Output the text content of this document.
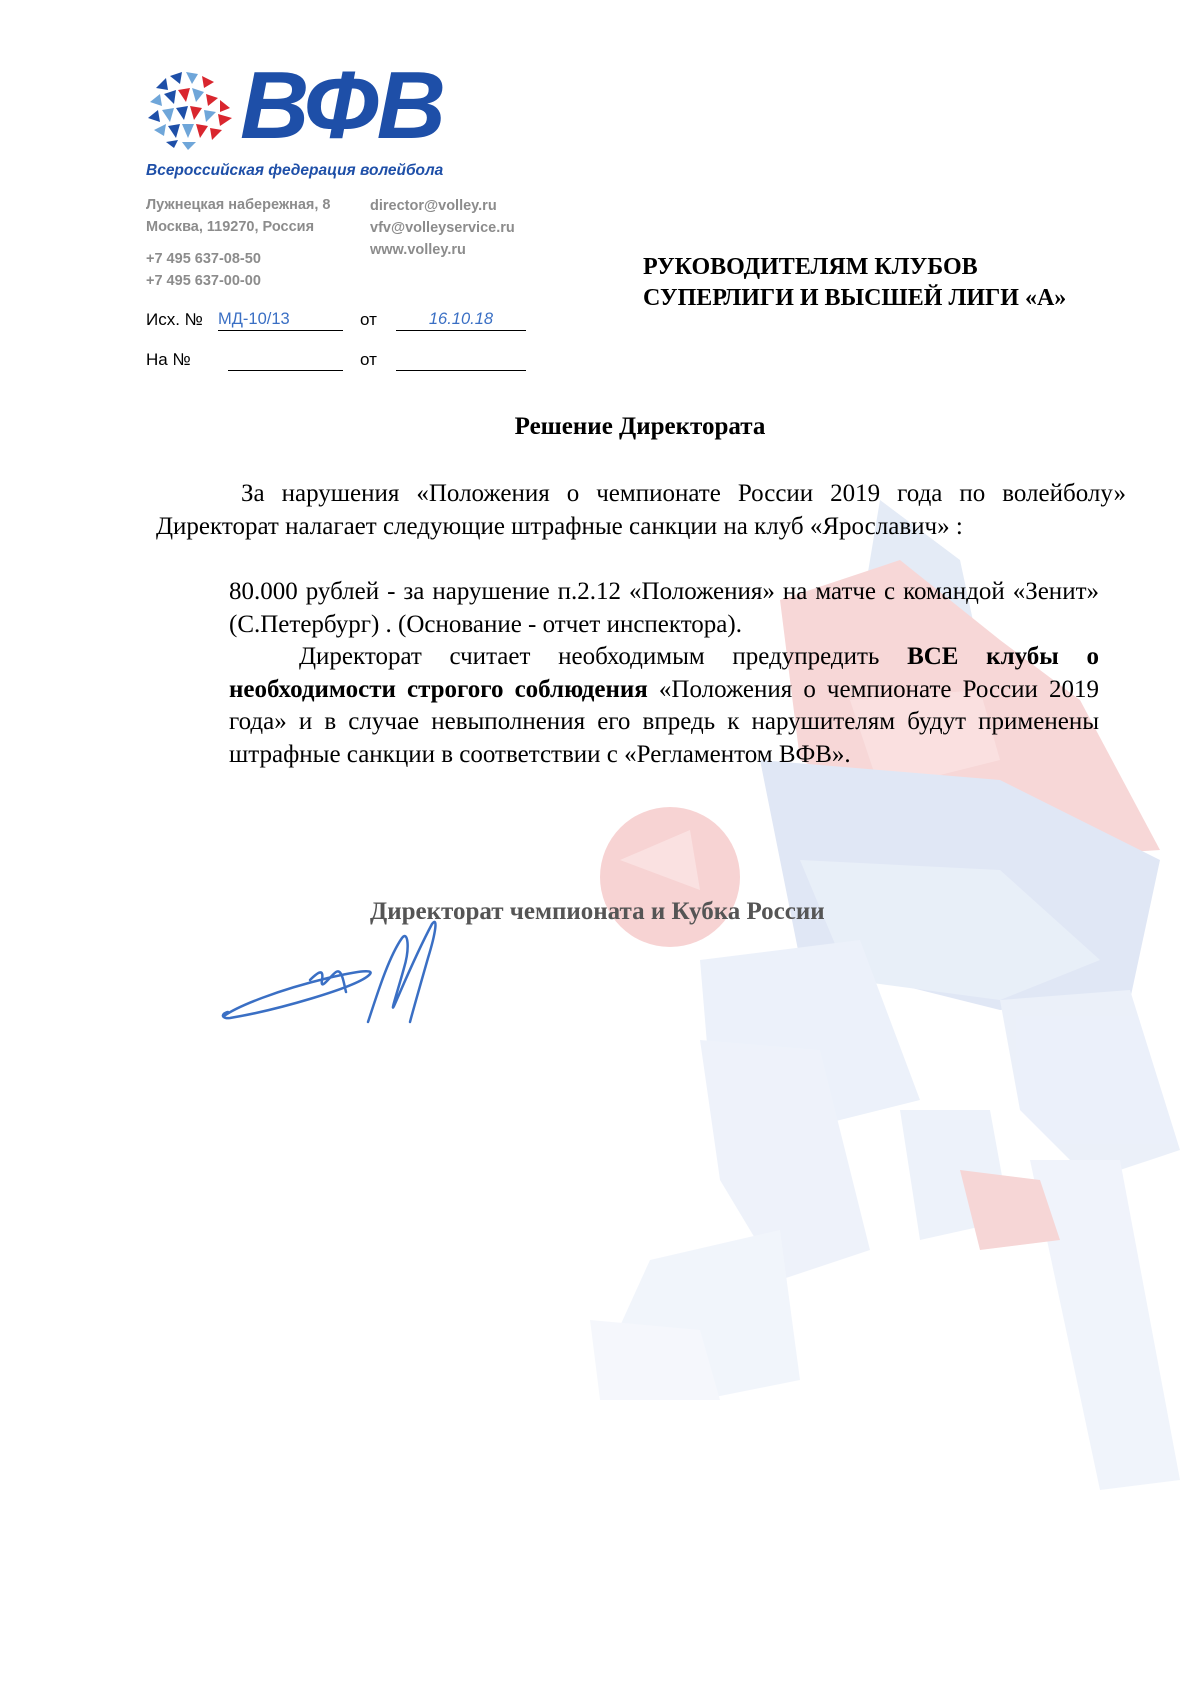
ВФВ
Всероссийская федерация волейбола
Лужнецкая набережная, 8
Москва, 119270, Россия
+7 495 637-08-50
+7 495 637-00-00
director@volley.ru
vfv@volleyservice.ru
www.volley.ru
Исх. № МД-10/13	от	16.10.18
На №	от
РУКОВОДИТЕЛЯМ КЛУБОВ
СУПЕРЛИГИ И ВЫСШЕЙ ЛИГИ «А»
Решение Директората
За нарушения «Положения о чемпионате России 2019 года по волейболу» Директорат налагает следующие штрафные санкции на клуб «Ярославич» :
80.000 рублей - за нарушение п.2.12 «Положения» на матче с командой «Зенит» (С.Петербург) . (Основание - отчет инспектора).
Директорат считает необходимым предупредить ВСЕ клубы о необходимости строгого соблюдения «Положения о чемпионате России 2019 года» и в случае невыполнения его впредь к нарушителям будут применены штрафные санкции в соответствии с «Регламентом ВФВ».
Директорат чемпионата и Кубка России
